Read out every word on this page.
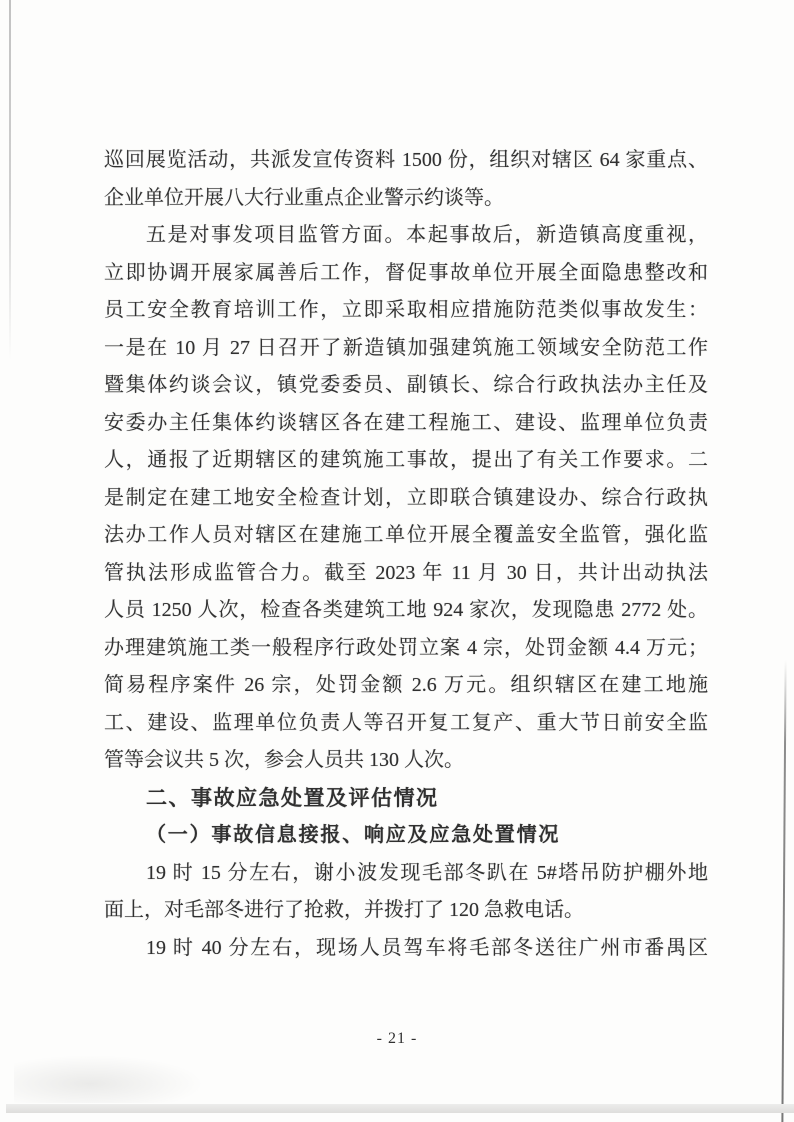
巡回展览活动，共派发宣传资料 1500 份，组织对辖区 64 家重点、
企业单位开展八大行业重点企业警示约谈等。
五是对事发项目监管方面。本起事故后，新造镇高度重视，
立即协调开展家属善后工作，督促事故单位开展全面隐患整改和
员工安全教育培训工作，立即采取相应措施防范类似事故发生：
一是在 10 月 27 日召开了新造镇加强建筑施工领域安全防范工作
暨集体约谈会议，镇党委委员、副镇长、综合行政执法办主任及
安委办主任集体约谈辖区各在建工程施工、建设、监理单位负责
人，通报了近期辖区的建筑施工事故，提出了有关工作要求。二
是制定在建工地安全检查计划，立即联合镇建设办、综合行政执
法办工作人员对辖区在建施工单位开展全覆盖安全监管，强化监
管执法形成监管合力。截至 2023 年 11 月 30 日，共计出动执法
人员 1250 人次，检查各类建筑工地 924 家次，发现隐患 2772 处。
办理建筑施工类一般程序行政处罚立案 4 宗，处罚金额 4.4 万元；
简易程序案件 26 宗，处罚金额 2.6 万元。组织辖区在建工地施
工、建设、监理单位负责人等召开复工复产、重大节日前安全监
管等会议共 5 次，参会人员共 130 人次。
二、事故应急处置及评估情况
（一）事故信息接报、响应及应急处置情况
19 时 15 分左右，谢小波发现毛部冬趴在 5#塔吊防护棚外地
面上，对毛部冬进行了抢救，并拨打了 120 急救电话。
19 时 40 分左右，现场人员驾车将毛部冬送往广州市番禺区
- 21 -
